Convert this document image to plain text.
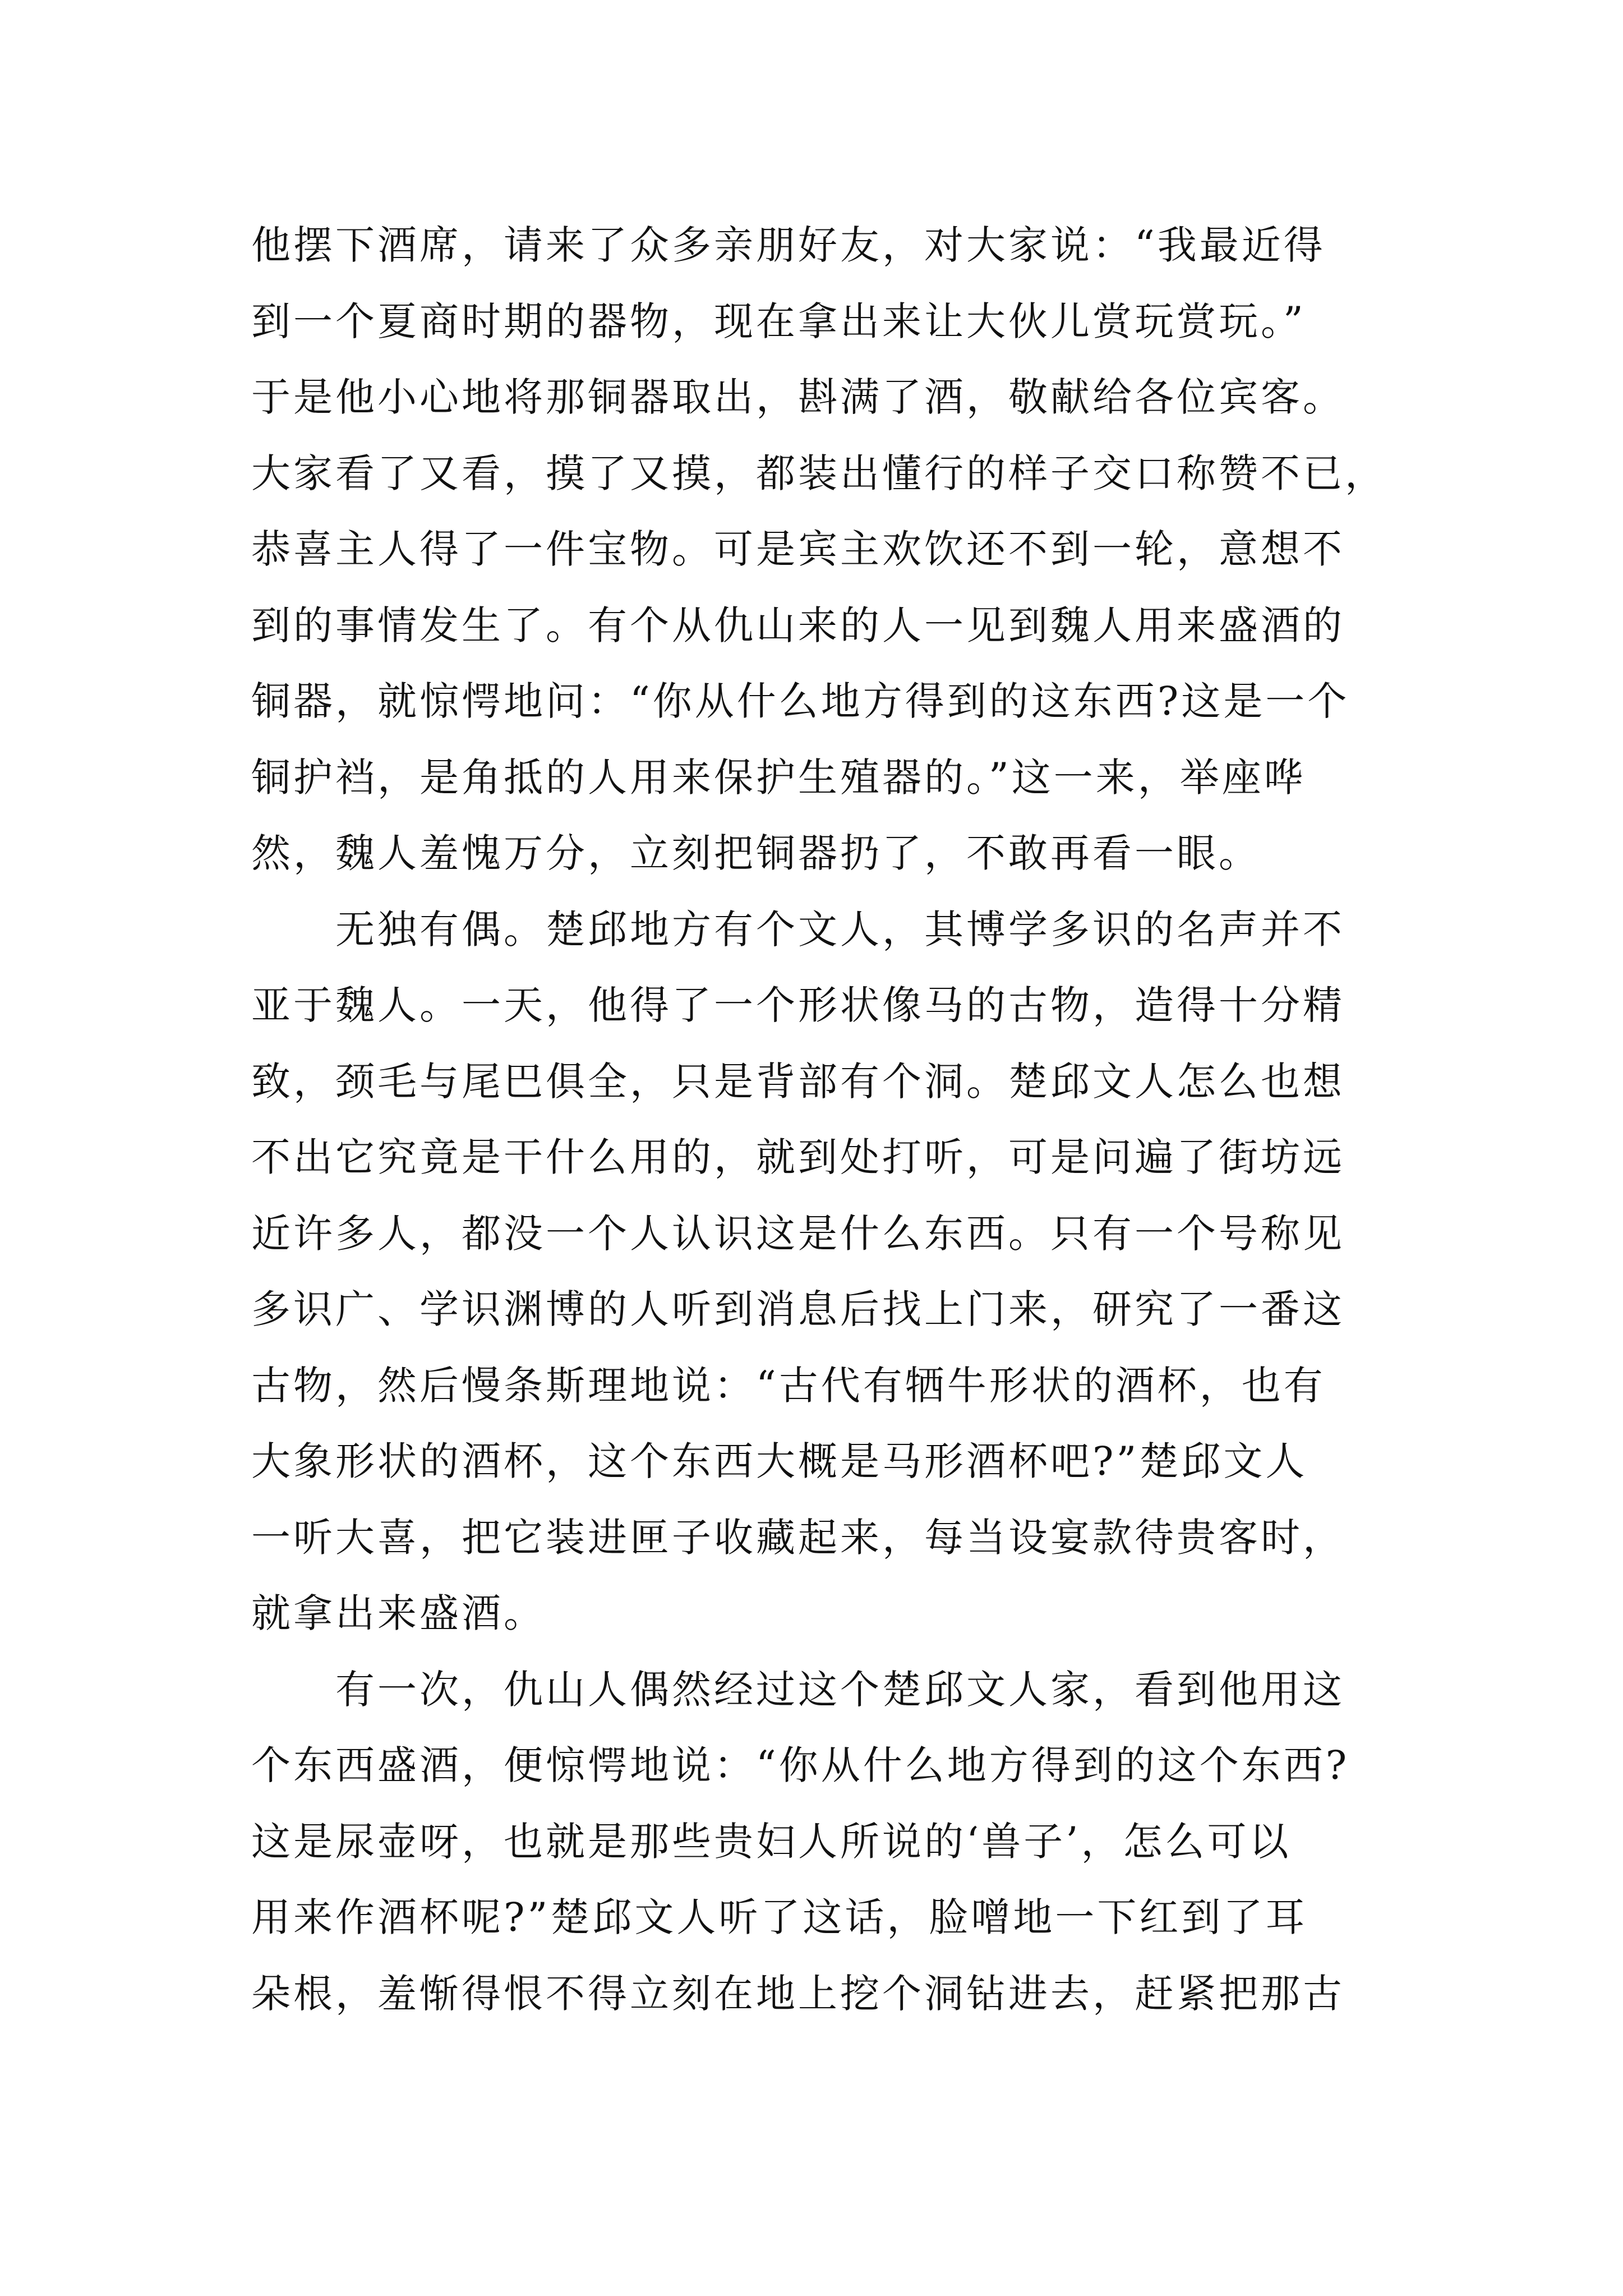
他摆下酒席，请来了众多亲朋好友，对大家说：“我最近得
到一个夏商时期的器物，现在拿出来让大伙儿赏玩赏玩。”
于是他小心地将那铜器取出，斟满了酒，敬献给各位宾客。
大家看了又看，摸了又摸，都装出懂行的样子交口称赞不已，
恭喜主人得了一件宝物。可是宾主欢饮还不到一轮，意想不
到的事情发生了。有个从仇山来的人一见到魏人用来盛酒的
铜器，就惊愕地问：“你从什么地方得到的这东西?这是一个
铜护裆，是角抵的人用来保护生殖器的。”这一来，举座哗
然，魏人羞愧万分，立刻把铜器扔了，不敢再看一眼。
无独有偶。楚邱地方有个文人，其博学多识的名声并不
亚于魏人。一天，他得了一个形状像马的古物，造得十分精
致，颈毛与尾巴俱全，只是背部有个洞。楚邱文人怎么也想
不出它究竟是干什么用的，就到处打听，可是问遍了街坊远
近许多人，都没一个人认识这是什么东西。只有一个号称见
多识广、学识渊博的人听到消息后找上门来，研究了一番这
古物，然后慢条斯理地说：“古代有牺牛形状的酒杯，也有
大象形状的酒杯，这个东西大概是马形酒杯吧?”楚邱文人
一听大喜，把它装进匣子收藏起来，每当设宴款待贵客时，
就拿出来盛酒。
有一次，仇山人偶然经过这个楚邱文人家，看到他用这
个东西盛酒，便惊愕地说：“你从什么地方得到的这个东西?
这是尿壶呀，也就是那些贵妇人所说的‘兽子’，怎么可以
用来作酒杯呢?”楚邱文人听了这话，脸噌地一下红到了耳
朵根，羞惭得恨不得立刻在地上挖个洞钻进去，赶紧把那古
